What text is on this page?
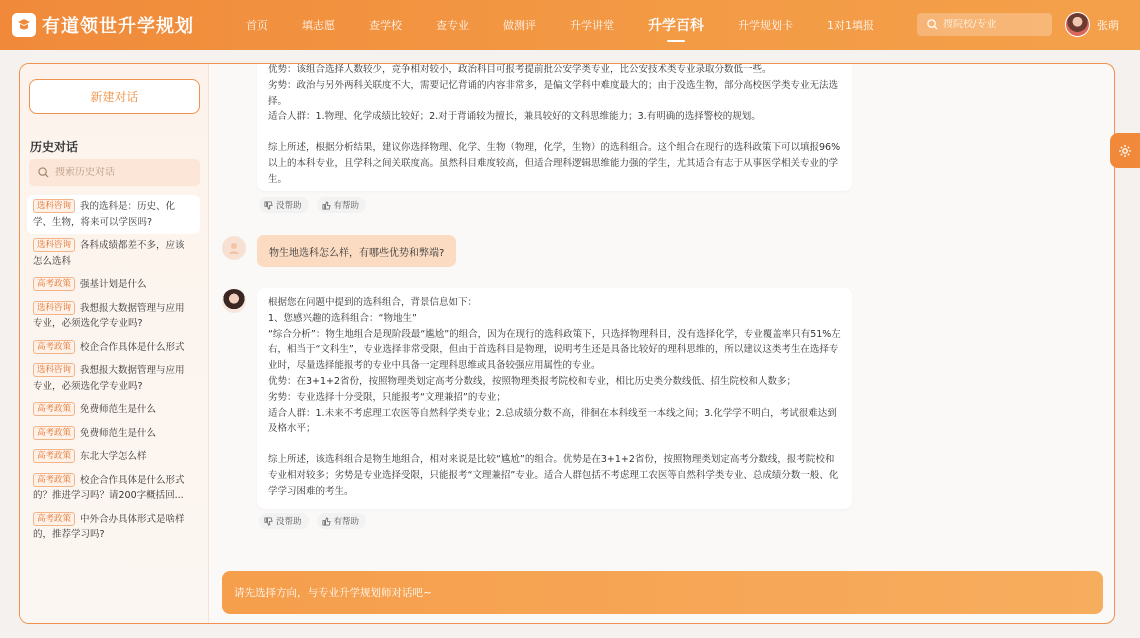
有道领世升学规划	首页	填志愿	查学校	查专业	做测评	升学讲堂 升学百科	升学规划卡	1对1填报
搜院校/专业	张萌
新建对话
历史对话
搜索历史对话
选科咨询 我的选科是：历史、化学、生物，将来可以学医吗?
选科咨询 各科成绩都差不多，应该怎么选科
高考政策 强基计划是什么
选科咨询 我想报大数据管理与应用专业，必须选化学专业吗?
高考政策 校企合作具体是什么形式
选科咨询 我想报大数据管理与应用专业，必须选化学专业吗?
高考政策 免费师范生是什么
高考政策 免费师范生是什么
高考政策 东北大学怎么样
高考政策 校企合作具体是什么形式的？推进学习吗？请200字概括回...
高考政策 中外合办具体形式是啥样的，推荐学习吗?

优势：该组合选择人数较少，竞争相对较小，政治科目可报考提前批公安学类专业，比公安技术类专业录取分数低一些。

劣势：政治与另外两科关联度不大，需要记忆背诵的内容非常多，是偏文学科中难度最大的；由于没选生物，部分高校医学类专业无法选择。

适合人群：1.物理、化学成绩比较好；2.对于背诵较为擅长，兼具较好的文科思维能力；3.有明确的选择警校的规划。

综上所述，根据分析结果，建议你选择物理、化学、生物（物理，化学，生物）的选科组合。这个组合在现行的选科政策下可以填报96%以上的本科专业，且学科之间关联度高。虽然科目难度较高，但适合理科逻辑思维能力强的学生，尤其适合有志于从事医学相关专业的学生。

没帮助	有帮助
物生地选科怎么样，有哪些优势和弊端?

根据您在问题中提到的选科组合，背景信息如下：

1、您感兴趣的选科组合：“物地生”

“综合分析”：物生地组合是现阶段最“尴尬”的组合，因为在现行的选科政策下，只选择物理科目，没有选择化学，专业覆盖率只有51%左右，相当于“文科生”，专业选择非常受限，但由于首选科目是物理，说明考生还是具备比较好的理科思维的，所以建议这类考生在选择专业时，尽量选择能报考的专业中具备一定理科思维或具备较强应用属性的专业。

优势：在3+1+2省份，按照物理类划定高考分数线，按照物理类报考院校和专业，相比历史类分数线低、招生院校和人数多；

劣势：专业选择十分受限，只能报考“文理兼招”的专业；

适合人群：1.未来不考虑理工农医等自然科学类专业；2.总成绩分数不高，徘徊在本科线至一本线之间；3.化学学不明白，考试很难达到及格水平；

综上所述，该选科组合是物生地组合，相对来说是比较“尴尬”的组合。优势是在3+1+2省份，按照物理类划定高考分数线，报考院校和专业相对较多；劣势是专业选择受限，只能报考“文理兼招”专业。适合人群包括不考虑理工农医等自然科学类专业、总成绩分数一般、化学学习困难的考生。

没帮助	有帮助
请先选择方向，与专业升学规划师对话吧~
